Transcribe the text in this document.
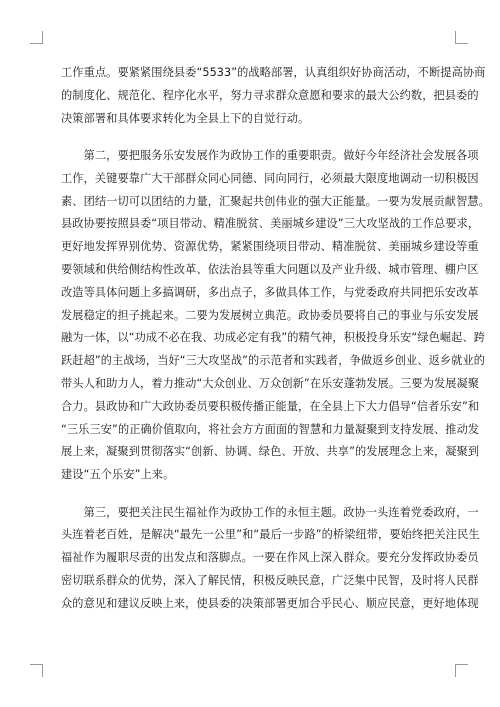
工作重点。要紧紧围绕县委“5533”的战略部署，认真组织好协商活动，不断提高协商
的制度化、规范化、程序化水平，努力寻求群众意愿和要求的最大公约数，把县委的
决策部署和具体要求转化为全县上下的自觉行动。
　　第二，要把服务乐安发展作为政协工作的重要职责。做好今年经济社会发展各项
工作，关键要靠广大干部群众同心同德、同向同行，必须最大限度地调动一切积极因
素、团结一切可以团结的力量，汇聚起共创伟业的强大正能量。一要为发展贡献智慧。
县政协要按照县委“项目带动、精准脱贫、美丽城乡建设”三大攻坚战的工作总要求，
更好地发挥界别优势、资源优势，紧紧围绕项目带动、精准脱贫、美丽城乡建设等重
要领域和供给侧结构性改革、依法治县等重大问题以及产业升级、城市管理、棚户区
改造等具体问题上多搞调研，多出点子，多做具体工作，与党委政府共同把乐安改革
发展稳定的担子挑起来。二要为发展树立典范。政协委员要将自己的事业与乐安发展
融为一体，以“功成不必在我、功成必定有我”的精气神，积极投身乐安“绿色崛起、跨
跃赶超”的主战场，当好“三大攻坚战”的示范者和实践者，争做返乡创业、返乡就业的
带头人和助力人，着力推动“大众创业、万众创新”在乐安蓬勃发展。三要为发展凝聚
合力。县政协和广大政协委员要积极传播正能量，在全县上下大力倡导“信者乐安”和
“三乐三安”的正确价值取向，将社会方方面面的智慧和力量凝聚到支持发展、推动发
展上来，凝聚到贯彻落实“创新、协调、绿色、开放、共享”的发展理念上来，凝聚到
建设“五个乐安”上来。
　　第三，要把关注民生福祉作为政协工作的永恒主题。政协一头连着党委政府，一
头连着老百姓，是解决“最先一公里”和“最后一步路”的桥梁纽带，要始终把关注民生
福祉作为履职尽责的出发点和落脚点。一要在作风上深入群众。要充分发挥政协委员
密切联系群众的优势，深入了解民情，积极反映民意，广泛集中民智，及时将人民群
众的意见和建议反映上来，使县委的决策部署更加合乎民心、顺应民意，更好地体现
